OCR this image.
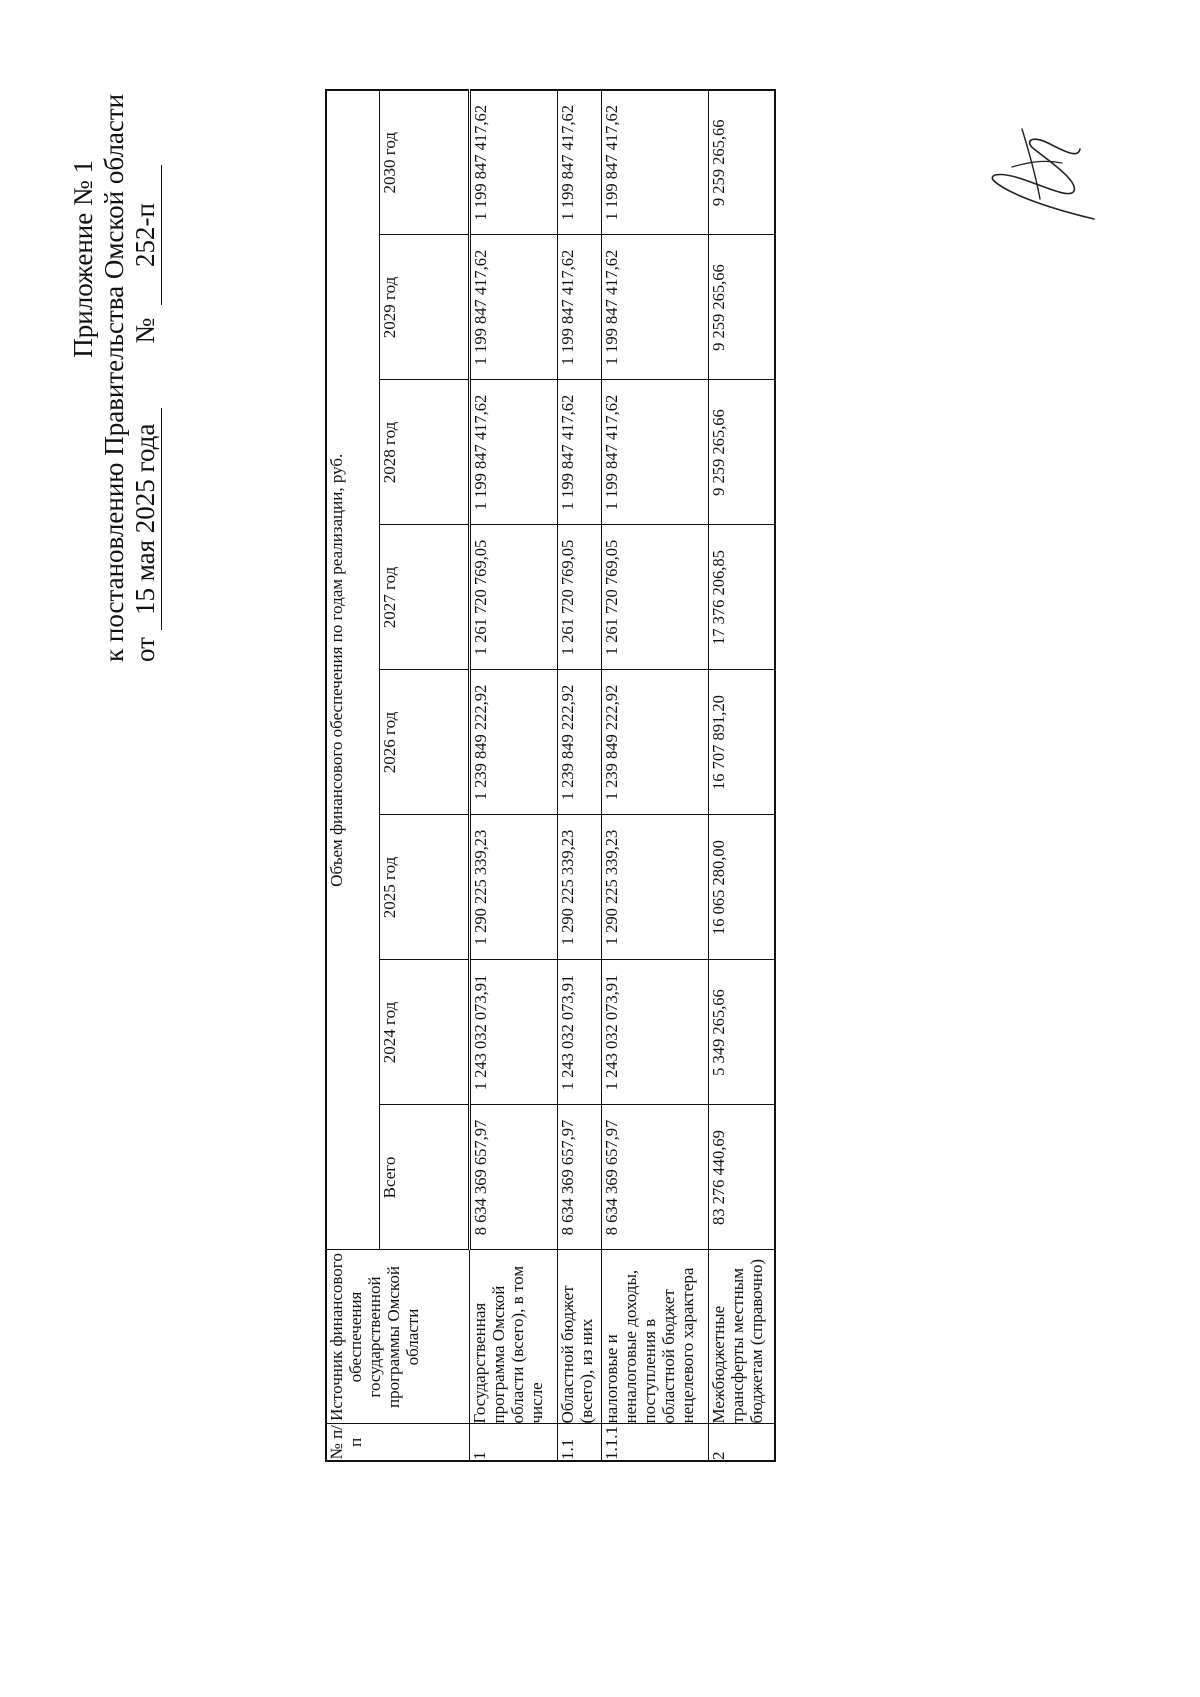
Приложение № 1 к постановлению Правительства Омской области от 15 мая 2025 года № 252-п
№ п/п	Источник финансового обеспечения государственной программы Омской области	Объем финансового обеспечения по годам реализации, руб.							
		Всего	2024 год	2025 год	2026 год	2027 год	2028 год	2029 год	2030 год
1	Государственная программа Омской области (всего), в том числе	8 634 369 657,97	1 243 032 073,91	1 290 225 339,23	1 239 849 222,92	1 261 720 769,05	1 199 847 417,62	1 199 847 417,62	1 199 847 417,62
1.1	Областной бюджет (всего), из них	8 634 369 657,97	1 243 032 073,91	1 290 225 339,23	1 239 849 222,92	1 261 720 769,05	1 199 847 417,62	1 199 847 417,62	1 199 847 417,62
1.1.1	налоговые и неналоговые доходы, поступления в областной бюджет нецелевого характера	8 634 369 657,97	1 243 032 073,91	1 290 225 339,23	1 239 849 222,92	1 261 720 769,05	1 199 847 417,62	1 199 847 417,62	1 199 847 417,62
2	Межбюджетные трансферты местным бюджетам (справочно)	83 276 440,69	5 349 265,66	16 065 280,00	16 707 891,20	17 376 206,85	9 259 265,66	9 259 265,66	9 259 265,66
